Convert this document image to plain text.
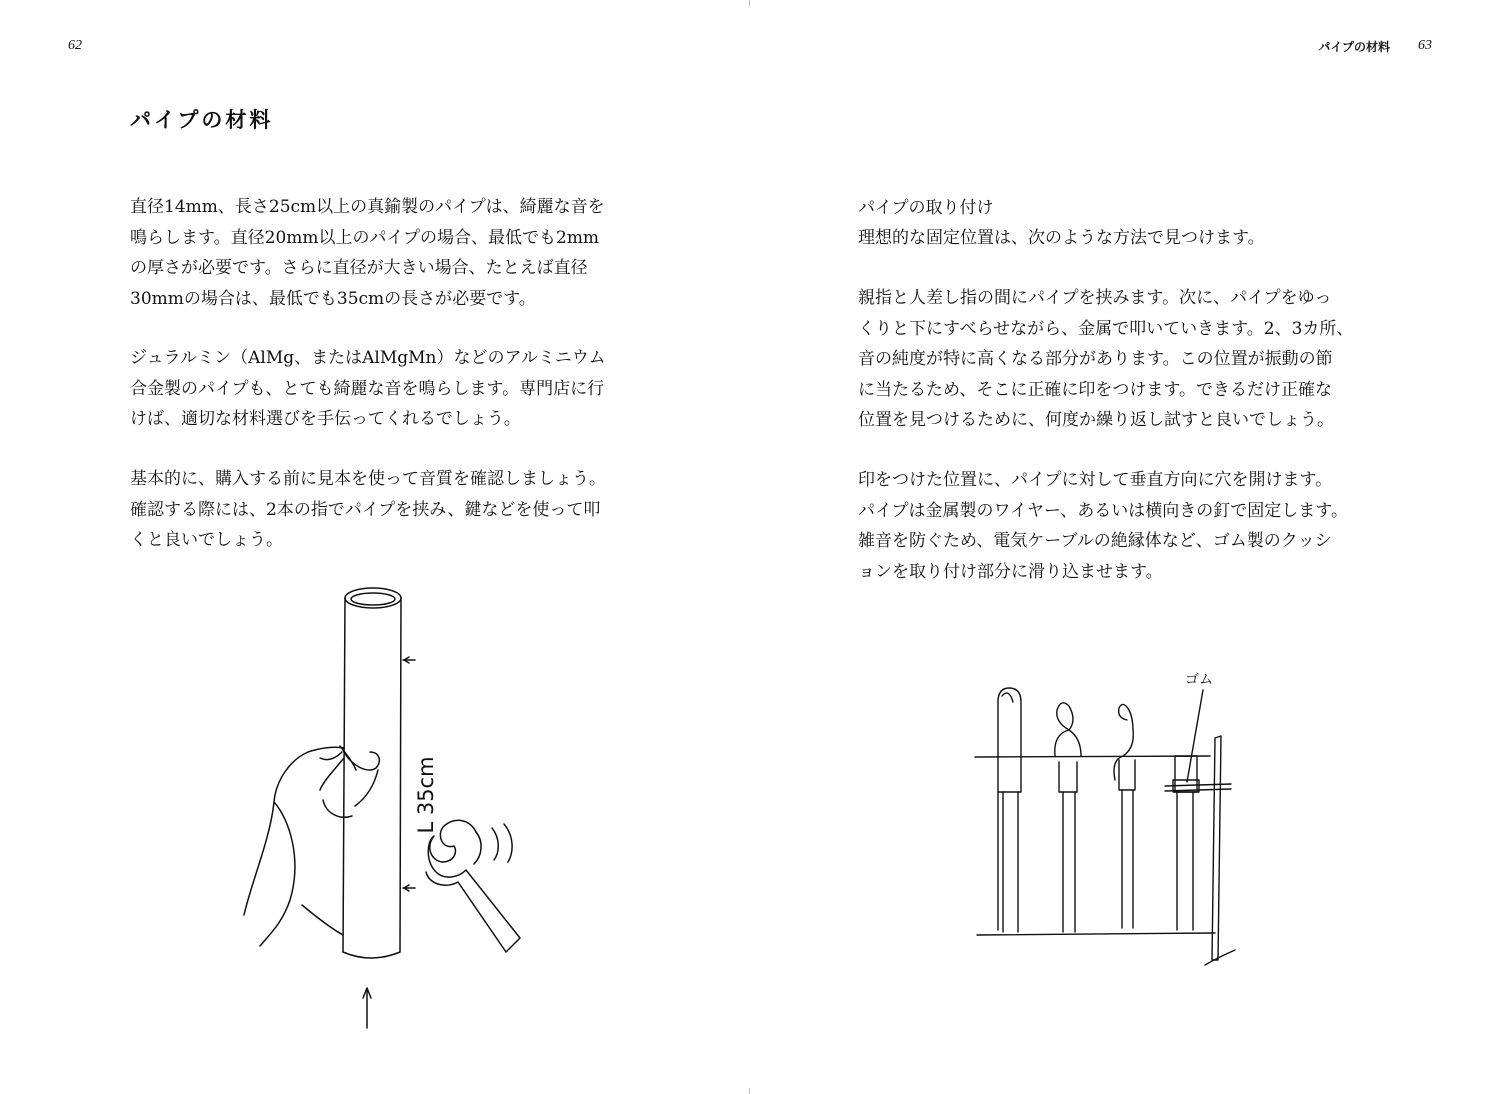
62
パイプの材料

直径14mm、長さ25cm以上の真鍮製のパイプは、綺麗な音を
鳴らします。直径20mm以上のパイプの場合、最低でも2mm
の厚さが必要です。さらに直径が大きい場合、たとえば直径
30mmの場合は、最低でも35cmの長さが必要です。

ジュラルミン（AlMg、またはAlMgMn）などのアルミニウム
合金製のパイプも、とても綺麗な音を鳴らします。専門店に行
けば、適切な材料選びを手伝ってくれるでしょう。

基本的に、購入する前に見本を使って音質を確認しましょう。
確認する際には、2本の指でパイプを挟み、鍵などを使って叩
くと良いでしょう。

L 35cm
パイプの材料 63

パイプの取り付け

理想的な固定位置は、次のような方法で見つけます。

親指と人差し指の間にパイプを挟みます。次に、パイプをゆっ
くりと下にすべらせながら、金属で叩いていきます。2、3カ所、
音の純度が特に高くなる部分があります。この位置が振動の節
に当たるため、そこに正確に印をつけます。できるだけ正確な
位置を見つけるために、何度か繰り返し試すと良いでしょう。

印をつけた位置に、パイプに対して垂直方向に穴を開けます。
パイプは金属製のワイヤー、あるいは横向きの釘で固定します。
雑音を防ぐため、電気ケーブルの絶縁体など、ゴム製のクッシ
ョンを取り付け部分に滑り込ませます。

ゴム
